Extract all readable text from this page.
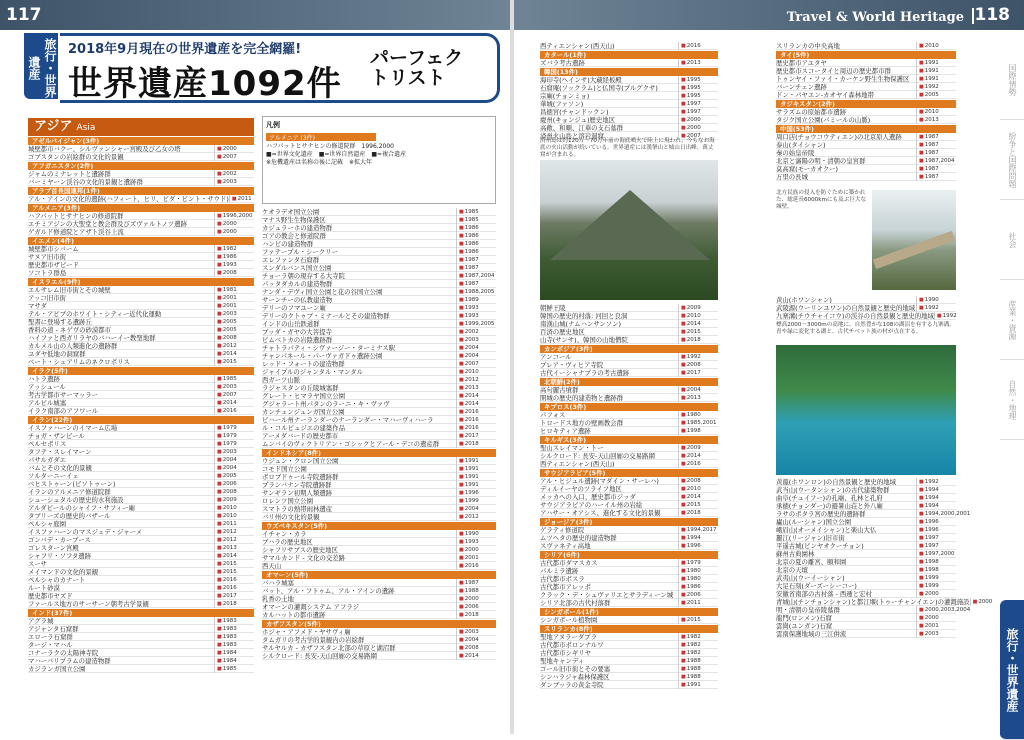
117	Travel & World Heritage 118
旅行・世界遺産
2018年9月現在の世界遺産を完全網羅!
世界遺産1092件
パーフェクトリスト
アジア Asia
アゼルバイジャン(3件)
城壁都市バクー、シルヴァンシャー宮殿及び乙女の塔	■ 2000
ゴブスタンの岩絵群の文化的景観	■ 2007
アフガニスタン(2件)
ジャムのミナレットと遺跡群	■ 2002
バーミヤーン渓谷の文化的景観と遺跡群	■ 2003
アラブ首長国連邦(1件)
アル・アインの文化的遺跡(ハフィート、ヒリ、ビダ・ビント・サウド)	■ 2011
アルメニア(3件)
ハフパットとサナヒンの修道院群	■ 1996,2000
エチミアジンの大聖堂と教会群及びズヴァルトノツ遺跡	■ 2000
ゲガルド修道院とアザト渓谷上流	■ 2000
イエメン(4件)
城壁都市シバーム	■ 1982
サヌア旧市街	■ 1986
歴史都市ザビード	■ 1993
ソコトラ群島	■ 2008
イスラエル(9件)
エルサレム旧市街とその城壁	■ 1981
アッコ旧市街	■ 2001
マサダ	■ 2001
テル・アビブのホワイト・シティー近代化運動	■ 2003
聖書に登場する遺跡丘	■ 2005
香料の道 - ネゲヴの砂漠都市	■ 2005
ハイファと西ガリラヤのバハーイー教聖地群	■ 2008
カルメル山の人類進化の遺跡群	■ 2012
ユダヤ低地の洞窟群	■ 2014
ベート・シェアリムのネクロポリス	■ 2015
イラク(5件)
ハトラ遺跡	■ 1985
アッシュール	■ 2003
考古学都市サーマッラー	■ 2007
アルビル城塞	■ 2014
イラク南部のアフワール	■ 2016
イラン(22件)
イスファハーンのイマーム広場	■ 1979
チョガ・ザンビール	■ 1979
ペルセポリス	■ 1979
タフテ・スレイマーン	■ 2003
パサルガダエ	■ 2004
バムとその文化的景観	■ 2004
ソルターニーイェ	■ 2005
ベヒストゥーン(ビソトゥーン)	■ 2006
イランのアルメニア修道院群	■ 2008
シューシュタルの歴史的水利施設	■ 2009
アルダビールのシャイフ・サフィー廟	■ 2010
タブリーズの歴史的バザール	■ 2010
ペルシャ庭園	■ 2011
イスファハーンのマスジェデ・ジャーメ	■ 2012
ゴンバデ・カーブース	■ 2012
ゴレスターン宮殿	■ 2013
シャフリ・ソフタ遺跡	■ 2014
スーサ	■ 2015
メイマンドの文化的景観	■ 2015
ペルシャのカナート	■ 2016
ルート砂漠	■ 2016
歴史都市ヤズド	■ 2017
ファールス地方のサーサーン朝考古学景観	■ 2018
インド(37件)
アグラ城	■ 1983
アジャンタ石窟群	■ 1983
エローラ石窟群	■ 1983
タージ・マハル	■ 1983
コナーラクの太陽神寺院	■ 1984
マハーバリプラムの建造物群	■ 1984
カジランガ国立公園	■ 1985
凡例
アルメニア (3件)
ハフパットとサナヒンの修道院群　1996,2000
■=世界文化遺産　■=世界自然遺産　■=複合遺産
※危機遺産は名称の後に記載　※拡大年
ケオラデオ国立公園	■ 1985
マナス野生生物保護区	■ 1985
カジュラーホの建造物群	■ 1986
ゴアの教会と修道院群	■ 1986
ハンピの建造物群	■ 1986
ファテープル・シークリー	■ 1986
エレファンタ石窟群	■ 1987
スンダルバンス国立公園	■ 1987
チョーラ朝の現存する大寺院	■ 1987,2004
パッタダカルの建造物群	■ 1987
ナンダ・デヴィ国立公園と花の谷国立公園	■ 1988,2005
サーンチーの仏教建造物	■ 1989
デリーのフマユーン廟	■ 1993
デリーのクトゥブ・ミナールとその建造物群	■ 1993
インドの山岳鉄道群	■ 1999,2005
ブッダ・ガヤの大菩提寺	■ 2002
ビムベトカの岩陰遺跡群	■ 2003
チャトラパティ・シヴァージー・ターミナス駅	■ 2004
チャンパネール・パーヴァガドゥ遺跡公園	■ 2004
レッド・フォートの建造物群	■ 2007
ジャイプルのジャンタル・マンタル	■ 2010
西ガーツ山脈	■ 2012
ラジャスタンの丘陵城塞群	■ 2013
グレート・ヒマラヤ国立公園	■ 2014
グジャラート州パタンのラーニ・キ・ヴァヴ	■ 2014
カンチェンジュンガ国立公園	■ 2016
ビハール州ナーランダーのナーランダー・マハーヴィハーラ	■ 2016
ル・コルビュジエの建築作品	■ 2016
アーメダバードの歴史都市	■ 2017
ムンバイのヴィクトリアン・ゴシックとアール・デコの遺産群	■ 2018
インドネシア(8件)
ウジュン・クロン国立公園	■ 1991
コモド国立公園	■ 1991
ボロブドゥール寺院遺跡群	■ 1991
プランバナン寺院遺跡群	■ 1991
サンギラン初期人類遺跡	■ 1996
ロレンツ国立公園	■ 1999
スマトラの熱帯雨林遺産	■ 2004
バリ州の文化的景観	■ 2012
ウズベキスタン(5件)
イチャン・カラ	■ 1990
ブハラの歴史地区	■ 1993
シャフリサブスの歴史地区	■ 2000
サマルカンド - 文化の交差路	■ 2001
西天山	■ 2016
オマーン(5件)
バハラ城塞	■ 1987
バット、アル・フトゥム、アル・アインの遺跡	■ 1988
乳香の土地	■ 2000
オマーンの灌漑システム アフラジ	■ 2006
カルハットの都市遺跡	■ 2018
カザフスタン(5件)
ホジャ・アフメド・ヤサヴィ廟	■ 2003
タムガリの考古学的景観内の岩絵群	■ 2004
サルヤルカ - カザフスタン北部の草原と湖沼群	■ 2008
シルクロード: 長安-天山回廊の交易路網	■ 2014
西ティエンシャン(西天山)	■ 2016
カタール(1件)
ズバラ考古遺跡	■ 2013
韓国(13件)
海印寺(ヘインサ)大蔵経板殿	■ 1995
石窟庵(ソックラム)と仏国寺(プルグクサ)	■ 1995
宗廟(チョンミョ)	■ 1995
華城(ファソン)	■ 1997
昌徳宮(チャンドックン)	■ 1997
慶州(キョンジュ)歴史地区	■ 2000
高敞、和順、江華の支石墓群	■ 2000
済州火山島と溶岩洞窟	■ 2007
済州島は約120万～70万年前の海底噴火で陸上に現われ、今もなお海底の火山活動が続いている。世界遺産には漢拏山と城山日出峰、萬丈窟が含まれる。
朝鮮王陵	■ 2009
韓国の歴史的村落: 河回と良洞	■ 2010
南漢山城(ナムハンサンソン)	■ 2014
百済の歴史地区	■ 2015
山寺(サンサ)、韓国の山地僧院	■ 2018
カンボジア(3件)
アンコール	■ 1992
プレア・ヴィヒア寺院	■ 2008
古代イーシャナプラの考古遺跡	■ 2017
北朝鮮(2件)
高句麗古墳群	■ 2004
開城の歴史的建造物と遺跡群	■ 2013
キプロス(3件)
パフォス	■ 1980
トロードス地方の壁画教会群	■ 1985,2001
ヒロキティア遺跡	■ 1998
キルギス(3件)
聖山スレイマン・トー	■ 2009
シルクロード: 長安-天山回廊の交易路網	■ 2014
西ティエンシャン(西天山)	■ 2016
サウジアラビア(5件)
アル・ヒジュル遺跡(マダイン・サーレハ)	■ 2008
ディルイーヤのツライフ地区	■ 2010
メッカへの入口、歴史都市ジッダ	■ 2014
サウジアラビアのハーイル州の岩絵	■ 2015
アハサー・オアシス、進化する文化的景観	■ 2018
ジョージア(3件)
ゲラティ修道院	■ 1994,2017
ムツヘタの歴史的建造物群	■ 1994
スヴァネティ高地	■ 1996
シリア(6件)
古代都市ダマスカス	■ 1979
パルミラ遺跡	■ 1980
古代都市ボスラ	■ 1980
古代都市アレッポ	■ 1986
クラック・デ・シュヴァリエとサラディーン城	■ 2006
シリア北部の古代村落群	■ 2011
シンガポール(1件)
シンガポール植物園	■ 2015
スリランカ(8件)
聖地アヌラーダプラ	■ 1982
古代都市ポロンナルワ	■ 1982
古代都市シギリヤ	■ 1982
聖地キャンディ	■ 1988
ゴール旧市街とその要塞	■ 1988
シンハラジャ森林保護区	■ 1988
ダンブッラの黄金寺院	■ 1991
スリランカの中央高地	■ 2010
タイ(5件)
歴史都市アユタヤ	■ 1991
歴史都市スコータイと周辺の歴史都市群	■ 1991
トゥンヤイ・ファイ・カーケン野生生物保護区	■ 1991
バーンチェン遺跡	■ 1992
ドン・パヤエン-カオヤイ森林地帯	■ 2005
タジキスタン(2件)
サラズムの原始都市遺跡	■ 2010
タジク国立公園(パミールの山脈)	■ 2013
中国(53件)
周口店(チョウコウティエン)の北京原人遺跡	■ 1987
泰山(タイシャン)	■ 1987
秦の始皇帝陵	■ 1987
北京と瀋陽の明・清朝の皇宮群	■ 1987,2004
莫高窟(モーカオクー)	■ 1987
万里の長城	■ 1987
北方民族の侵入を防ぐために築かれた、総延長6000kmにも及ぶ巨大な城壁。
黄山(ホワンシャン)	■ 1990
武陵源(ウーリンユワン)の自然景観と歴史的地域	■ 1992
九寨溝(チウチャイコウ)の渓谷の自然景観と歴史的地域	■ 1992
標高2000～3000mの高地に、自然豊かな108の湖沼を有する九寨溝。青や緑に変化する湖と、古代チベット族の村が点在する。
黄龍(ホワンロン)の自然景観と歴史的地域	■ 1992
武当山(ウータンシャン)の古代建築物群	■ 1994
曲阜(チュイフー)の孔廟、孔林と孔府	■ 1994
承徳(チョンダー)の避暑山荘と外八廟	■ 1994
ラサのポタラ宮の歴史的遺跡群	■ 1994,2000,2001
廬山(ルーシャン)国立公園	■ 1996
峨眉山(オーメイシャン)と楽山大仏	■ 1996
麗江(リージャン)旧市街	■ 1997
平遥古城(ピンヤオクーチョン)	■ 1997
蘇州古典園林	■ 1997,2000
北京の夏の離宮、頤和園	■ 1998
北京の天壇	■ 1998
武夷山(ウーイーシャン)	■ 1999
大足石刻(ダーズーシーコー)	■ 1999
安徽省南部の古村落 - 西逓と宏村	■ 2000
青城山(チンチョンシャン)と都江堰(トゥーチャンイエン)の灌漑施設	■ 2000
明・清朝の皇帝陵墓群	■ 2000,2003,2004
龍門(ロンメン)石窟	■ 2000
雲崗(ユンガン)石窟	■ 2001
雲南保護地域の三江併流	■ 2003
国際情勢
紛争と国際問題
社会
産業・資源
自然・地理
旅行・世界遺産
